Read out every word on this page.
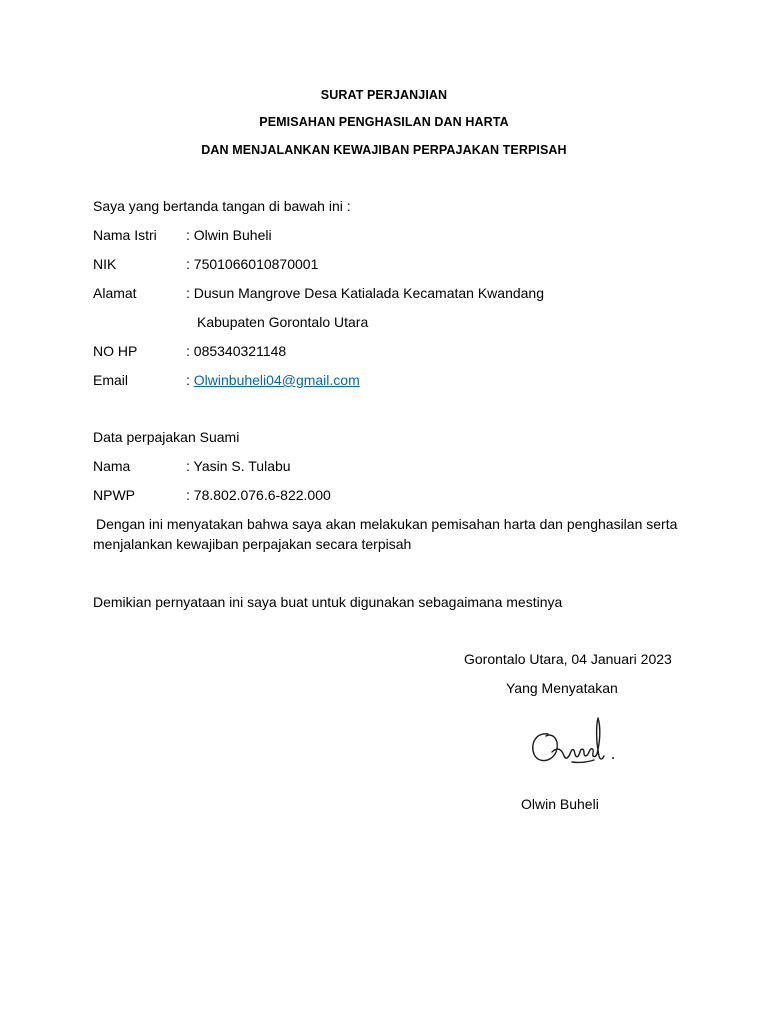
SURAT PERJANJIAN
PEMISAHAN PENGHASILAN DAN HARTA
DAN MENJALANKAN KEWAJIBAN PERPAJAKAN TERPISAH
Saya yang bertanda tangan di bawah ini :
Nama Istri : Olwin Buheli
NIK	: 7501066010870001
Alamat	: Dusun Mangrove Desa Katialada Kecamatan Kwandang
Kabupaten Gorontalo Utara
NO HP	: 085340321148
Email	: Olwinbuheli04@gmail.com
Data perpajakan Suami
Nama	: Yasin S. Tulabu
NPWP	: 78.802.076.6-822.000
Dengan ini menyatakan bahwa saya akan melakukan pemisahan harta dan penghasilan serta
menjalankan kewajiban perpajakan secara terpisah
Demikian pernyataan ini saya buat untuk digunakan sebagaimana mestinya
Gorontalo Utara, 04 Januari 2023
Yang Menyatakan
Olwin Buheli
